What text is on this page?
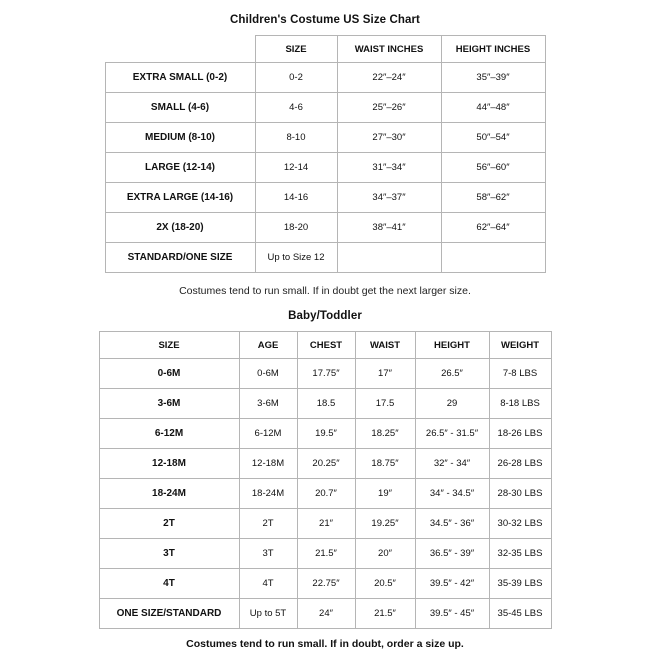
Children's Costume US Size Chart
	SIZE	WAIST INCHES	HEIGHT INCHES
EXTRA SMALL (0-2)	0-2	22″–24″	35″–39″
SMALL (4-6)	4-6	25″–26″	44″–48″
MEDIUM (8-10)	8-10	27″–30″	50″–54″
LARGE (12-14)	12-14	31″–34″	56″–60″
EXTRA LARGE (14-16)	14-16	34″–37″	58″–62″
2X (18-20)	18-20	38″–41″	62″–64″
STANDARD/ONE SIZE	Up to Size 12		

Costumes tend to run small. If in doubt get the next larger size.

Baby/Toddler
SIZE	AGE	CHEST	WAIST	HEIGHT	WEIGHT
0-6M	0-6M	17.75″	17″	26.5″	7-8 LBS
3-6M	3-6M	18.5	17.5	29	8-18 LBS
6-12M	6-12M	19.5″	18.25″	26.5″ - 31.5″	18-26 LBS
12-18M	12-18M	20.25″	18.75″	32″ - 34″	26-28 LBS
18-24M	18-24M	20.7″	19″	34″ - 34.5″	28-30 LBS
2T	2T	21″	19.25″	34.5″ - 36″	30-32 LBS
3T	3T	21.5″	20″	36.5″ - 39″	32-35 LBS
4T	4T	22.75″	20.5″	39.5″ - 42″	35-39 LBS
ONE SIZE/STANDARD	Up to 5T	24″	21.5″	39.5″ - 45″	35-45 LBS

Costumes tend to run small. If in doubt, order a size up.
